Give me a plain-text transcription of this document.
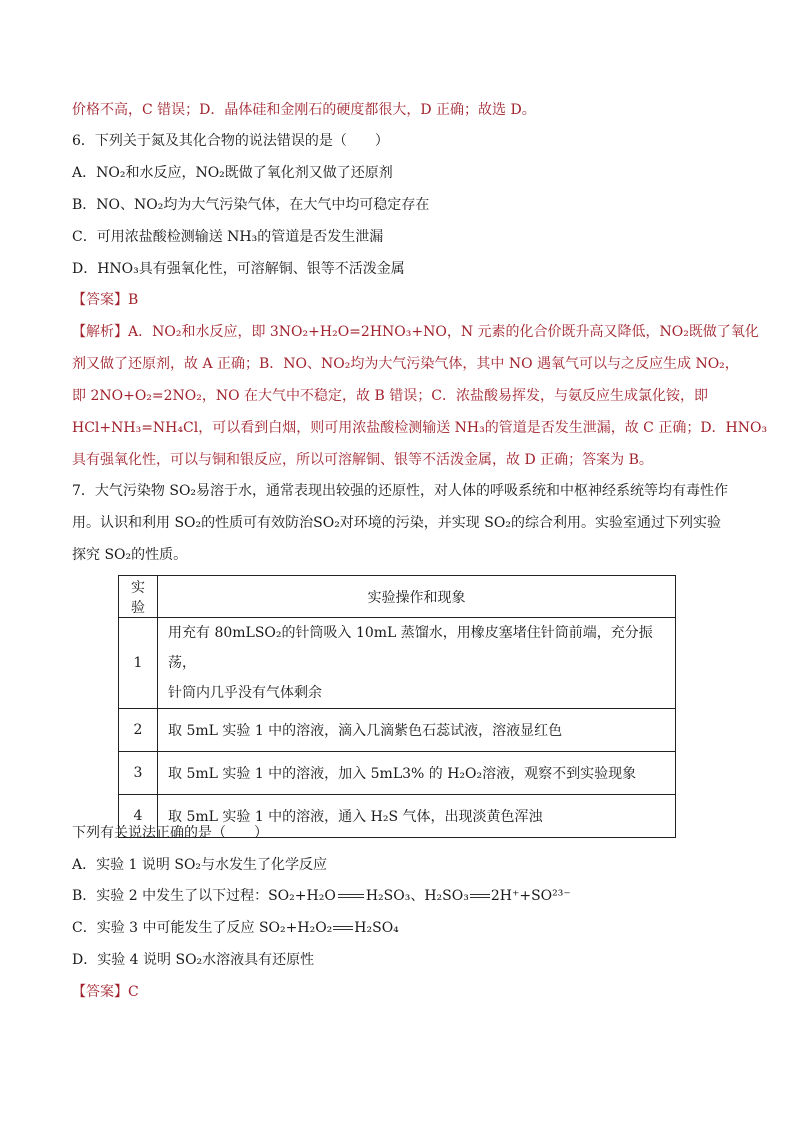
价格不高，C 错误；D．晶体硅和金刚石的硬度都很大，D 正确；故选 D。
6．下列关于氮及其化合物的说法错误的是（　　）
A．NO₂和水反应，NO₂既做了氧化剂又做了还原剂
B．NO、NO₂均为大气污染气体，在大气中均可稳定存在
C．可用浓盐酸检测输送 NH₃的管道是否发生泄漏
D．HNO₃具有强氧化性，可溶解铜、银等不活泼金属
【答案】B
【解析】A．NO₂和水反应，即 3NO₂+H₂O=2HNO₃+NO，N 元素的化合价既升高又降低，NO₂既做了氧化
剂又做了还原剂，故 A 正确；B．NO、NO₂均为大气污染气体，其中 NO 遇氧气可以与之反应生成 NO₂，
即 2NO+O₂=2NO₂，NO 在大气中不稳定，故 B 错误；C．浓盐酸易挥发，与氨反应生成氯化铵，即
HCl+NH₃=NH₄Cl，可以看到白烟，则可用浓盐酸检测输送 NH₃的管道是否发生泄漏，故 C 正确；D．HNO₃
具有强氧化性，可以与铜和银反应，所以可溶解铜、银等不活泼金属，故 D 正确；答案为 B。
7．大气污染物 SO₂易溶于水，通常表现出较强的还原性，对人体的呼吸系统和中枢神经系统等均有毒性作
用。认识和利用 SO₂的性质可有效防治SO₂对环境的污染，并实现 SO₂的综合利用。实验室通过下列实验
探究 SO₂的性质。
实验	实验操作和现象
1	用充有 80mLSO₂的针筒吸入 10mL 蒸馏水，用橡皮塞堵住针筒前端，充分振荡，
针筒内几乎没有气体剩余

2	取 5mL 实验 1 中的溶液，滴入几滴紫色石蕊试液，溶液显红色
3	取 5mL 实验 1 中的溶液，加入 5mL3% 的 H₂O₂溶液，观察不到实验现象
4	取 5mL 实验 1 中的溶液，通入 H₂S 气体，出现淡黄色浑浊
下列有关说法正确的是（　　）
A．实验 1 说明 SO₂与水发生了化学反应
B．实验 2 中发生了以下过程：SO₂+H₂O H₂SO₃、H₂SO₃ 2H⁺+SO²³⁻
C．实验 3 中可能发生了反应 SO₂+H₂O₂ H₂SO₄
D．实验 4 说明 SO₂水溶液具有还原性
【答案】C
